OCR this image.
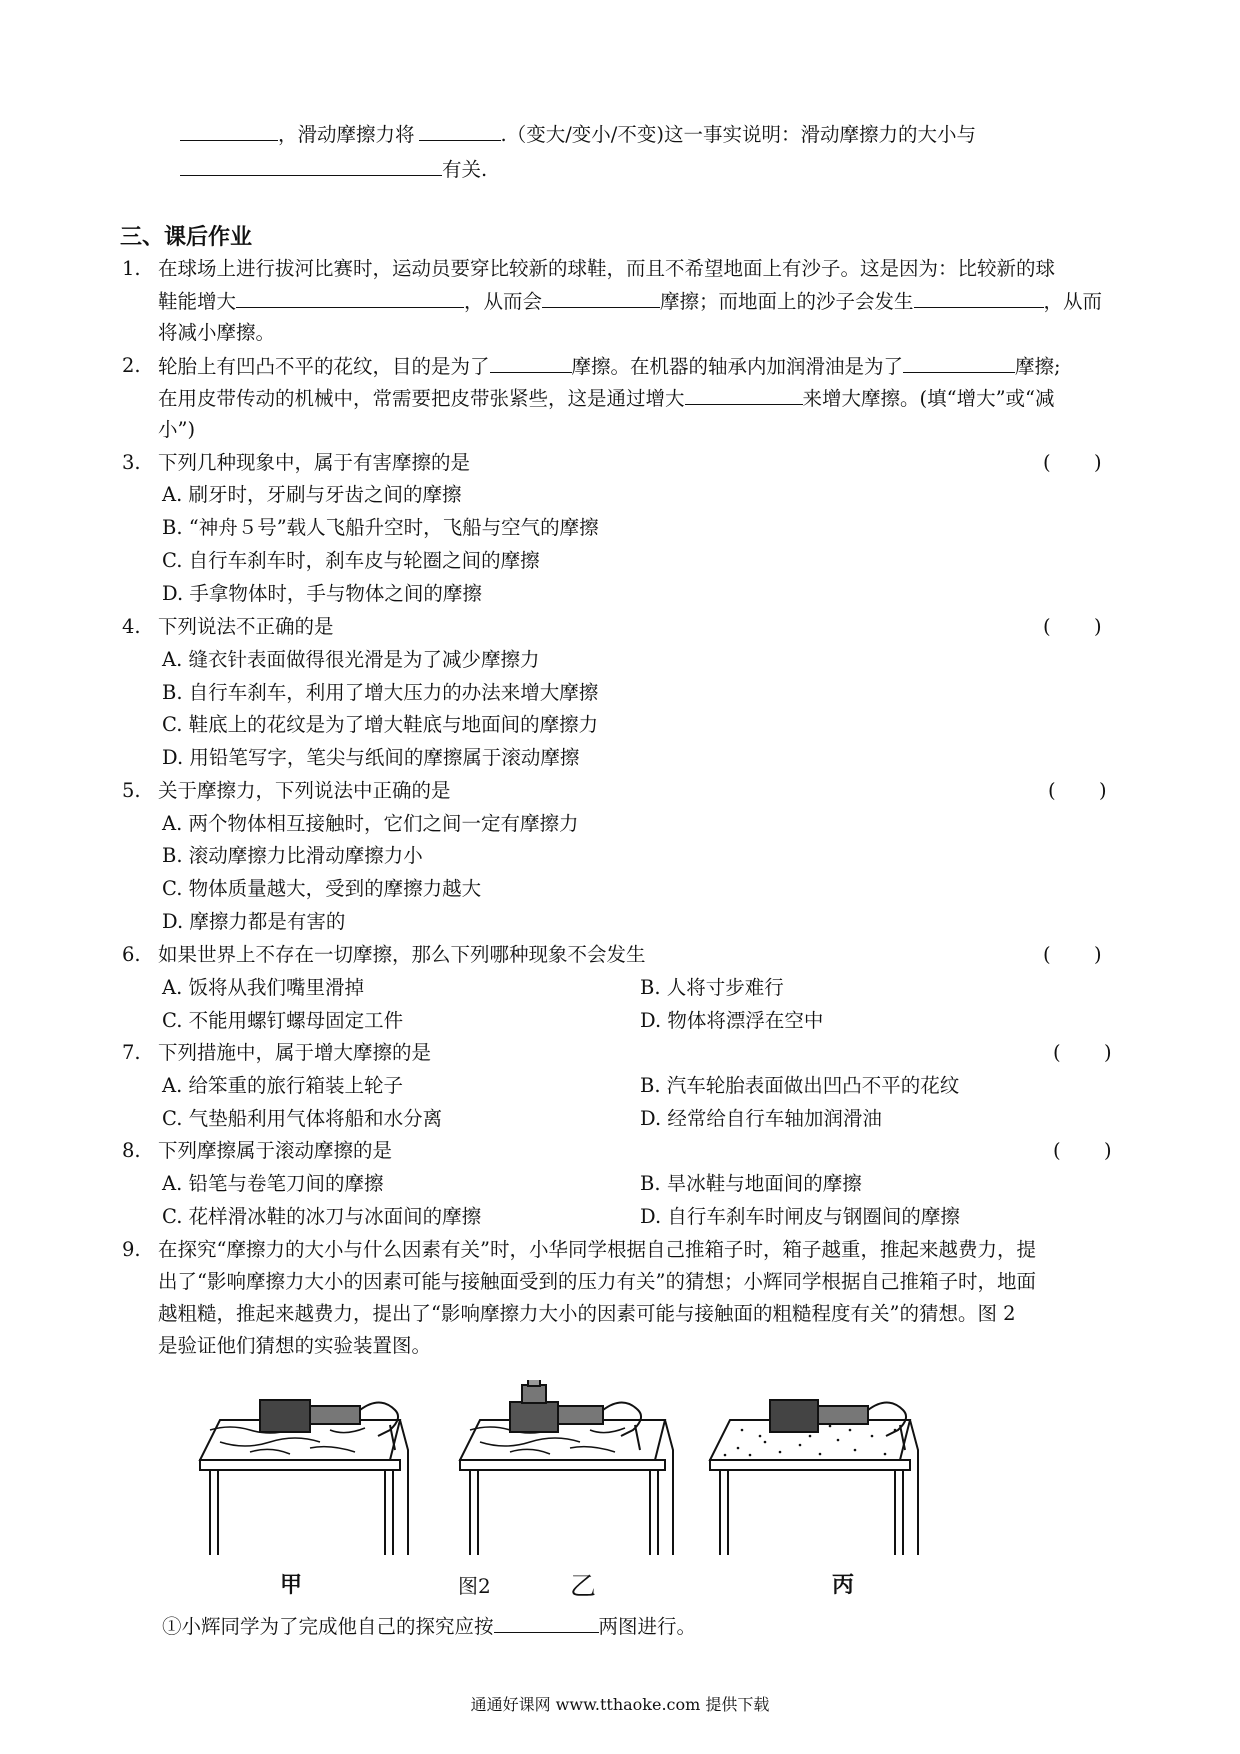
，滑动摩擦力将	.（变大/变小/不变)这一事实说明：滑动摩擦力的大小与
有关.
三、课后作业
1. 在球场上进行拔河比赛时，运动员要穿比较新的球鞋，而且不希望地面上有沙子。这是因为：比较新的球
鞋能增大	，从而会	摩擦；而地面上的沙子会发生	，从而
将减小摩擦。
2. 轮胎上有凹凸不平的花纹，目的是为了	摩擦。在机器的轴承内加润滑油是为了	摩擦;
在用皮带传动的机械中，常需要把皮带张紧些，这是通过增大	来增大摩擦。(填“增大”或“减
小”)
3. 下列几种现象中，属于有害摩擦的是	(       )
A. 刷牙时，牙刷与牙齿之间的摩擦
B. “神舟５号”载人飞船升空时，飞船与空气的摩擦
C. 自行车刹车时，刹车皮与轮圈之间的摩擦
D. 手拿物体时，手与物体之间的摩擦
4. 下列说法不正确的是	(       )
A. 缝衣针表面做得很光滑是为了减少摩擦力
B. 自行车刹车，利用了增大压力的办法来增大摩擦
C. 鞋底上的花纹是为了增大鞋底与地面间的摩擦力
D. 用铅笔写字，笔尖与纸间的摩擦属于滚动摩擦
5. 关于摩擦力，下列说法中正确的是	(       )
A. 两个物体相互接触时，它们之间一定有摩擦力
B. 滚动摩擦力比滑动摩擦力小
C. 物体质量越大，受到的摩擦力越大
D. 摩擦力都是有害的
6. 如果世界上不存在一切摩擦，那么下列哪种现象不会发生	(       )
A. 饭将从我们嘴里滑掉	B. 人将寸步难行
C. 不能用螺钉螺母固定工件	D. 物体将漂浮在空中
7. 下列措施中，属于增大摩擦的是	(       )
A. 给笨重的旅行箱装上轮子	B. 汽车轮胎表面做出凹凸不平的花纹
C. 气垫船利用气体将船和水分离	D. 经常给自行车轴加润滑油
8. 下列摩擦属于滚动摩擦的是	(       )
A. 铅笔与卷笔刀间的摩擦	B. 旱冰鞋与地面间的摩擦
C. 花样滑冰鞋的冰刀与冰面间的摩擦	D. 自行车刹车时闸皮与钢圈间的摩擦
9. 在探究“摩擦力的大小与什么因素有关”时，小华同学根据自己推箱子时，箱子越重，推起来越费力，提
出了“影响摩擦力大小的因素可能与接触面受到的压力有关”的猜想；小辉同学根据自己推箱子时，地面
越粗糙，推起来越费力，提出了“影响摩擦力大小的因素可能与接触面的粗糙程度有关”的猜想。图 2
是验证他们猜想的实验装置图。
甲	图2	乙	丙
①小辉同学为了完成他自己的探究应按	两图进行。
通通好课网 www.tthaoke.com 提供下载
